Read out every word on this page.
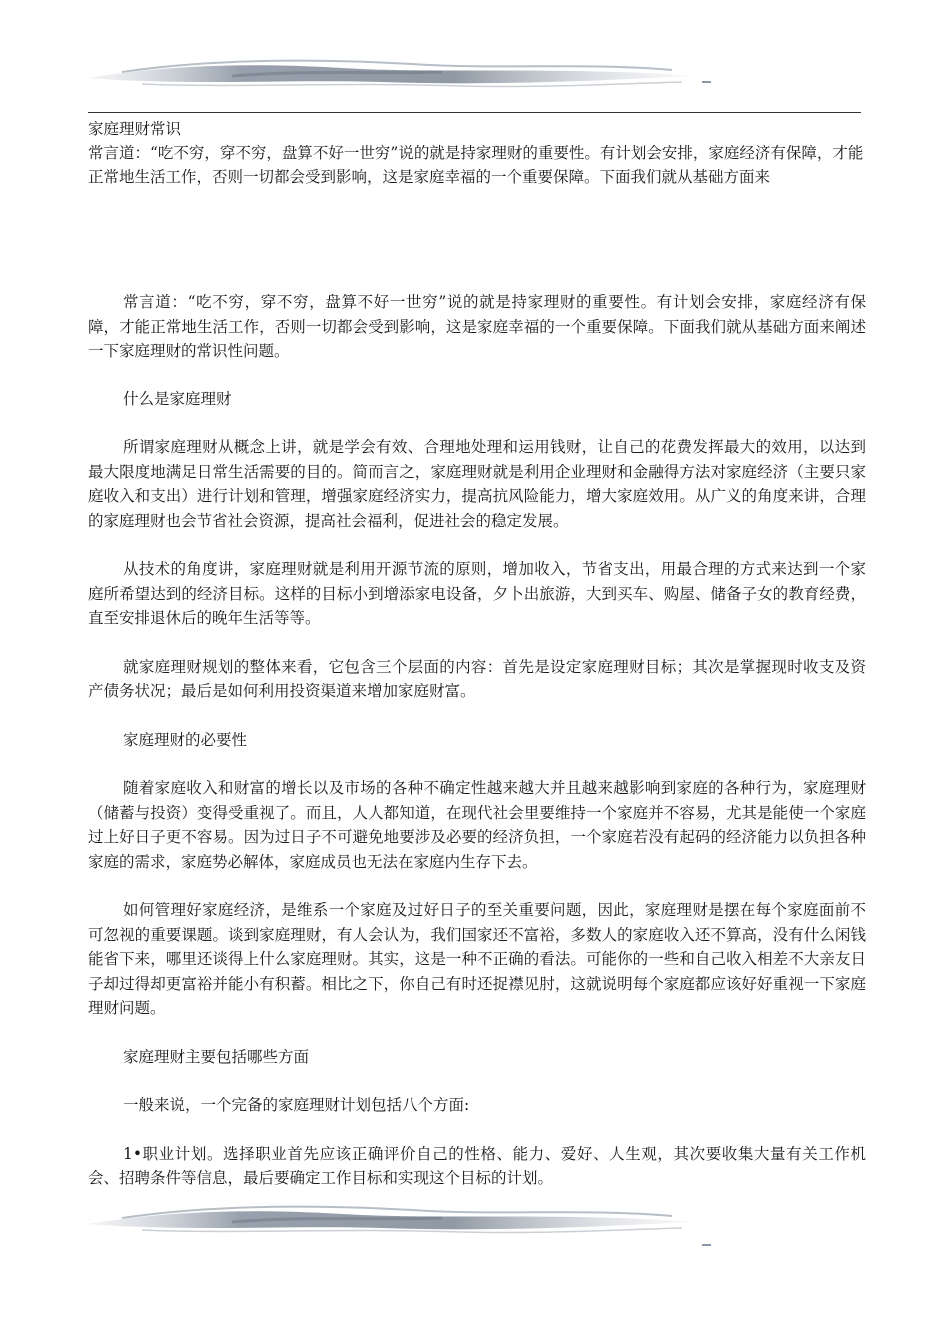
家庭理财常识

常言道：“吃不穷，穿不穷，盘算不好一世穷”说的就是持家理财的重要性。有计划会安排，家庭经济有保障，才能正常地生活工作，否则一切都会受到影响，这是家庭幸福的一个重要保障。下面我们就从基础方面来

常言道：“吃不穷，穿不穷，盘算不好一世穷”说的就是持家理财的重要性。有计划会安排，家庭经济有保障，才能正常地生活工作，否则一切都会受到影响，这是家庭幸福的一个重要保障。下面我们就从基础方面来阐述一下家庭理财的常识性问题。

什么是家庭理财

所谓家庭理财从概念上讲，就是学会有效、合理地处理和运用钱财，让自己的花费发挥最大的效用，以达到最大限度地满足日常生活需要的目的。简而言之，家庭理财就是利用企业理财和金融得方法对家庭经济（主要只家庭收入和支出）进行计划和管理，增强家庭经济实力，提高抗风险能力，增大家庭效用。从广义的角度来讲，合理的家庭理财也会节省社会资源，提高社会福利，促进社会的稳定发展。

从技术的角度讲，家庭理财就是利用开源节流的原则，增加收入，节省支出，用最合理的方式来达到一个家庭所希望达到的经济目标。这样的目标小到增添家电设备，夕卜出旅游，大到买车、购屋、储备子女的教育经费，直至安排退休后的晚年生活等等。

就家庭理财规划的整体来看，它包含三个层面的内容：首先是设定家庭理财目标；其次是掌握现时收支及资产债务状况；最后是如何利用投资渠道来增加家庭财富。

家庭理财的必要性

随着家庭收入和财富的增长以及市场的各种不确定性越来越大并且越来越影响到家庭的各种行为，家庭理财（储蓄与投资）变得受重视了。而且，人人都知道，在现代社会里要维持一个家庭并不容易，尤其是能使一个家庭过上好日子更不容易。因为过日子不可避免地要涉及必要的经济负担，一个家庭若没有起码的经济能力以负担各种家庭的需求，家庭势必解体，家庭成员也无法在家庭内生存下去。

如何管理好家庭经济，是维系一个家庭及过好日子的至关重要问题，因此，家庭理财是摆在每个家庭面前不可忽视的重要课题。谈到家庭理财，有人会认为，我们国家还不富裕，多数人的家庭收入还不算高，没有什么闲钱能省下来，哪里还谈得上什么家庭理财。其实，这是一种不正确的看法。可能你的一些和自己收入相差不大亲友日子却过得却更富裕并能小有积蓄。相比之下，你自己有时还捉襟见肘，这就说明每个家庭都应该好好重视一下家庭理财问题。

家庭理财主要包括哪些方面

一般来说，一个完备的家庭理财计划包括八个方面:

1•职业计划。选择职业首先应该正确评价自己的性格、能力、爱好、人生观，其次要收集大量有关工作机会、招聘条件等信息，最后要确定工作目标和实现这个目标的计划。
